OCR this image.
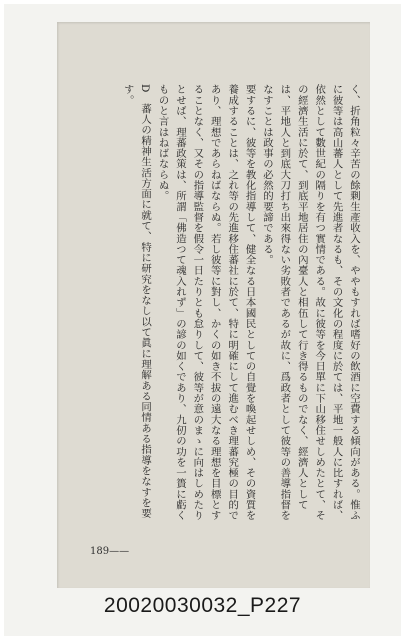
く、折角粒々辛苦の餘剰生產收入を、ややもすれば嗜好の飲酒に空費する傾向がある。惟ふに彼等は高山蕃人として先進者なるも、その文化の程度に於ては、平地一般人に比すれば、依然として數世紀の隔りを有つ實情である。故に彼等を今日單に下山移住せしめたとて、その經濟生活に於て、到底平地居住の內臺人と相伍して行き得るものでなく、經濟人としては、平地人と到底大刀打ち出來得ない劣敗者であるが故に、爲政者として彼等の善導指督をなすことは政事の必然的要諦である。

要するに、彼等を教化指導して、健全なる日本國民としての自覺を喚起せしめ、その資質を養成することは、之れ等の先進移住蕃社に於て、特に明確にして進むべき理蕃究極の目的であり、理想であらねばならぬ。若し彼等に對し、かくの如き不拔の遠大なる理想を目標とすることなく、又その指導監督を假令一日たりとも怠りして、彼等が意のまゝに向はしめたりとせば、理蕃政策は、所謂「佛造つて魂入れず」の諺の如くであり、九仞の功を一簣に虧くものと言はねばならぬ。

D　蕃人の精神生活方面に就て、特に研究をなし以て眞に理解ある同情ある指導をなすを要す。

189——
20020030032_P227
